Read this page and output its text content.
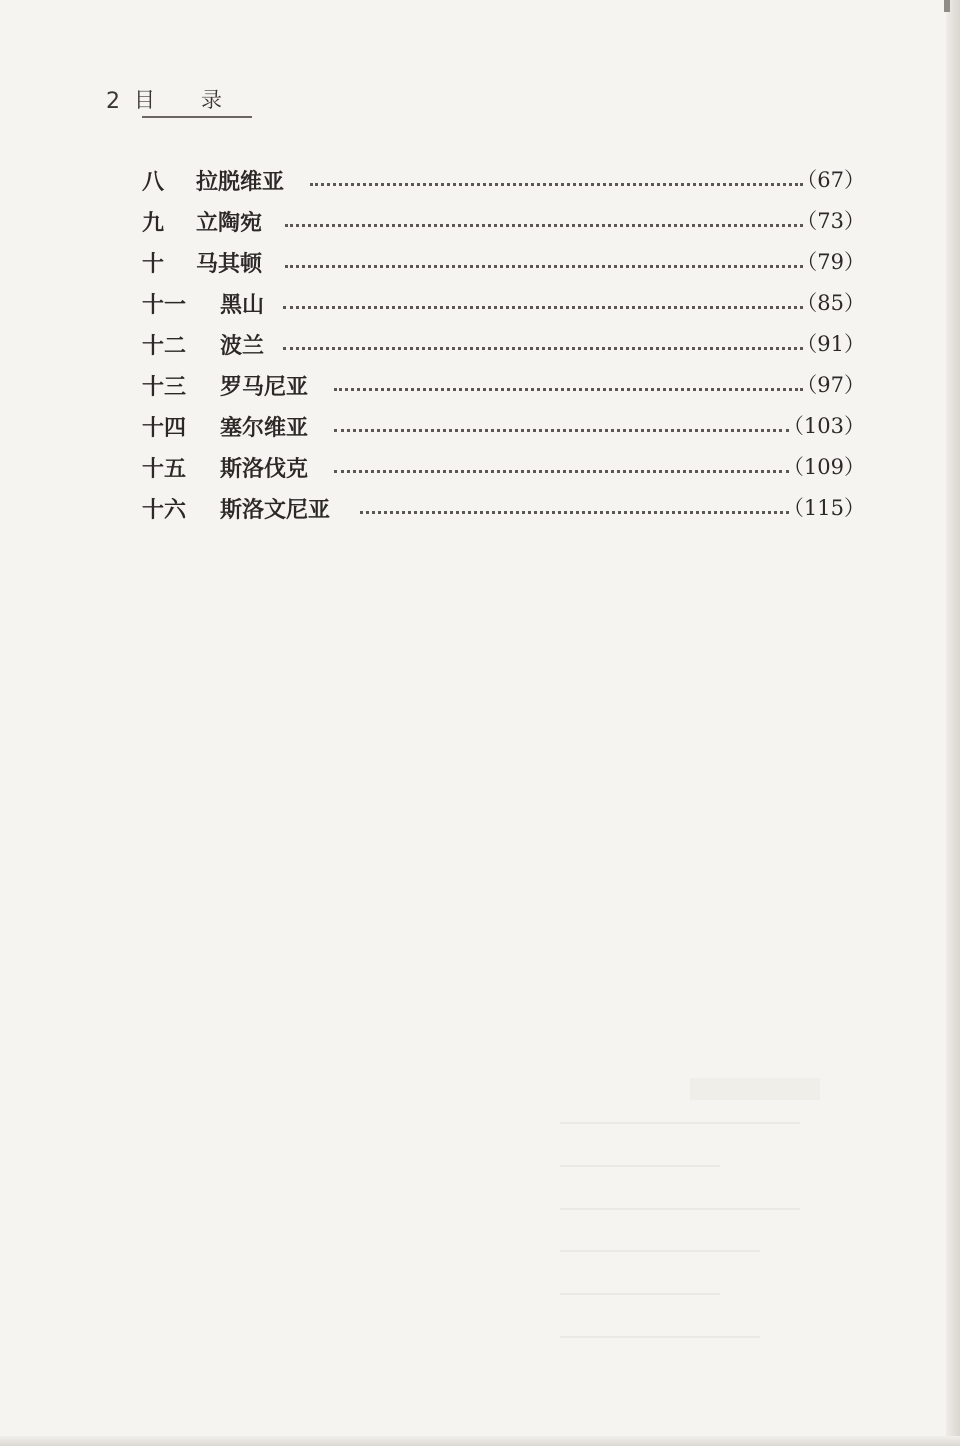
2 目录
八 拉脱维亚	（67）
九 立陶宛	（73）
十 马其顿	（79）
十一 黑山	（85）
十二 波兰	（91）
十三 罗马尼亚	（97）
十四 塞尔维亚	（103）
十五 斯洛伐克	（109）
十六 斯洛文尼亚	（115）
